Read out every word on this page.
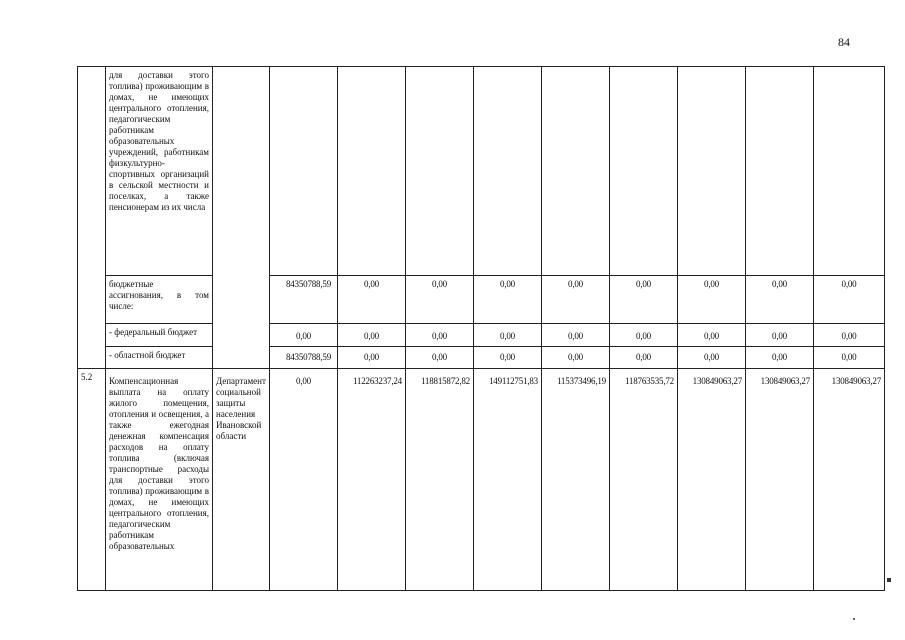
84
	для доставки этого топлива) проживающим в домах, не имеющих центрального отопления, педагогическим работникам образовательных учреждений, работникам физкультурно-спортивных организаций в сельской местности и поселках, а также пенсионерам из их числа										
	бюджетные ассигнования, в том числе:		84350788,59	0,00	0,00	0,00	0,00	0,00	0,00	0,00	0,00
	- федеральный бюджет		0,00	0,00	0,00	0,00	0,00	0,00	0,00	0,00	0,00
	- областной бюджет		84350788,59	0,00	0,00	0,00	0,00	0,00	0,00	0,00	0,00
5.2	Компенсационная выплата на оплату жилого помещения, отопления и освещения, а также ежегодная денежная компенсация расходов на оплату топлива (включая транспортные расходы для доставки этого топлива) проживающим в домах, не имеющих центрального отопления, педагогическим работникам образовательных	Департамент социальной защиты населения Ивановской области	0,00	112263237,24	118815872,82	149112751,83	115373496,19	118763535,72	130849063,27	130849063,27	130849063,27
